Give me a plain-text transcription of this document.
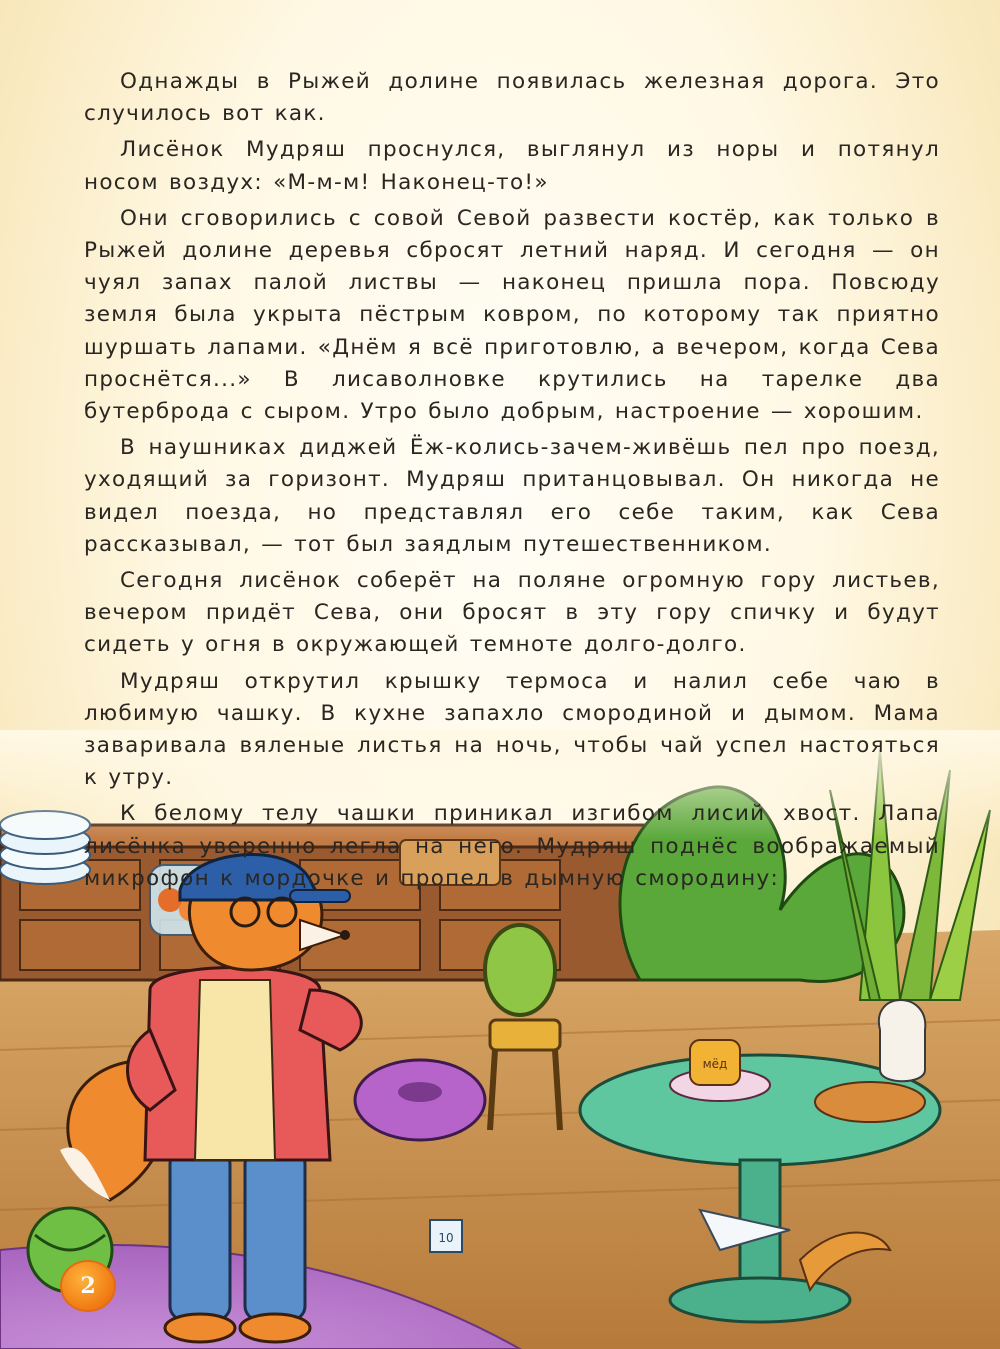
Однажды в Рыжей долине появилась железная дорога. Это случилось вот как.

Лисёнок Мудряш проснулся, выглянул из норы и потянул носом воздух: «М-м-м! Наконец-то!»

Они сговорились с совой Севой развести костёр, как только в Рыжей долине деревья сбросят летний наряд. И сегодня — он чуял запах палой листвы — наконец пришла пора. Повсюду земля была укрыта пёстрым ковром, по которому так приятно шуршать лапами. «Днём я всё приготовлю, а вечером, когда Сева проснётся...» В лисаволновке крутились на тарелке два бутерброда с сыром. Утро было добрым, настроение — хорошим.

В наушниках диджей Ёж-колись-зачем-живёшь пел про поезд, уходящий за горизонт. Мудряш пританцовывал. Он никогда не видел поезда, но представлял его себе таким, как Сева рассказывал, — тот был заядлым путешественником.

Сегодня лисёнок соберёт на поляне огромную гору листьев, вечером придёт Сева, они бросят в эту гору спичку и будут сидеть у огня в окружающей темноте долго-долго.

Мудряш открутил крышку термоса и налил себе чаю в любимую чашку. В кухне запахло смородиной и дымом. Мама заваривала вяленые листья на ночь, чтобы чай успел настояться к утру.

К белому телу чашки приникал изгибом лисий хвост. Лапа лисёнка уверенно легла на него. Мудряш поднёс воображаемый микрофон к мордочке и пропел в дымную смородину:

мёд
10
2
